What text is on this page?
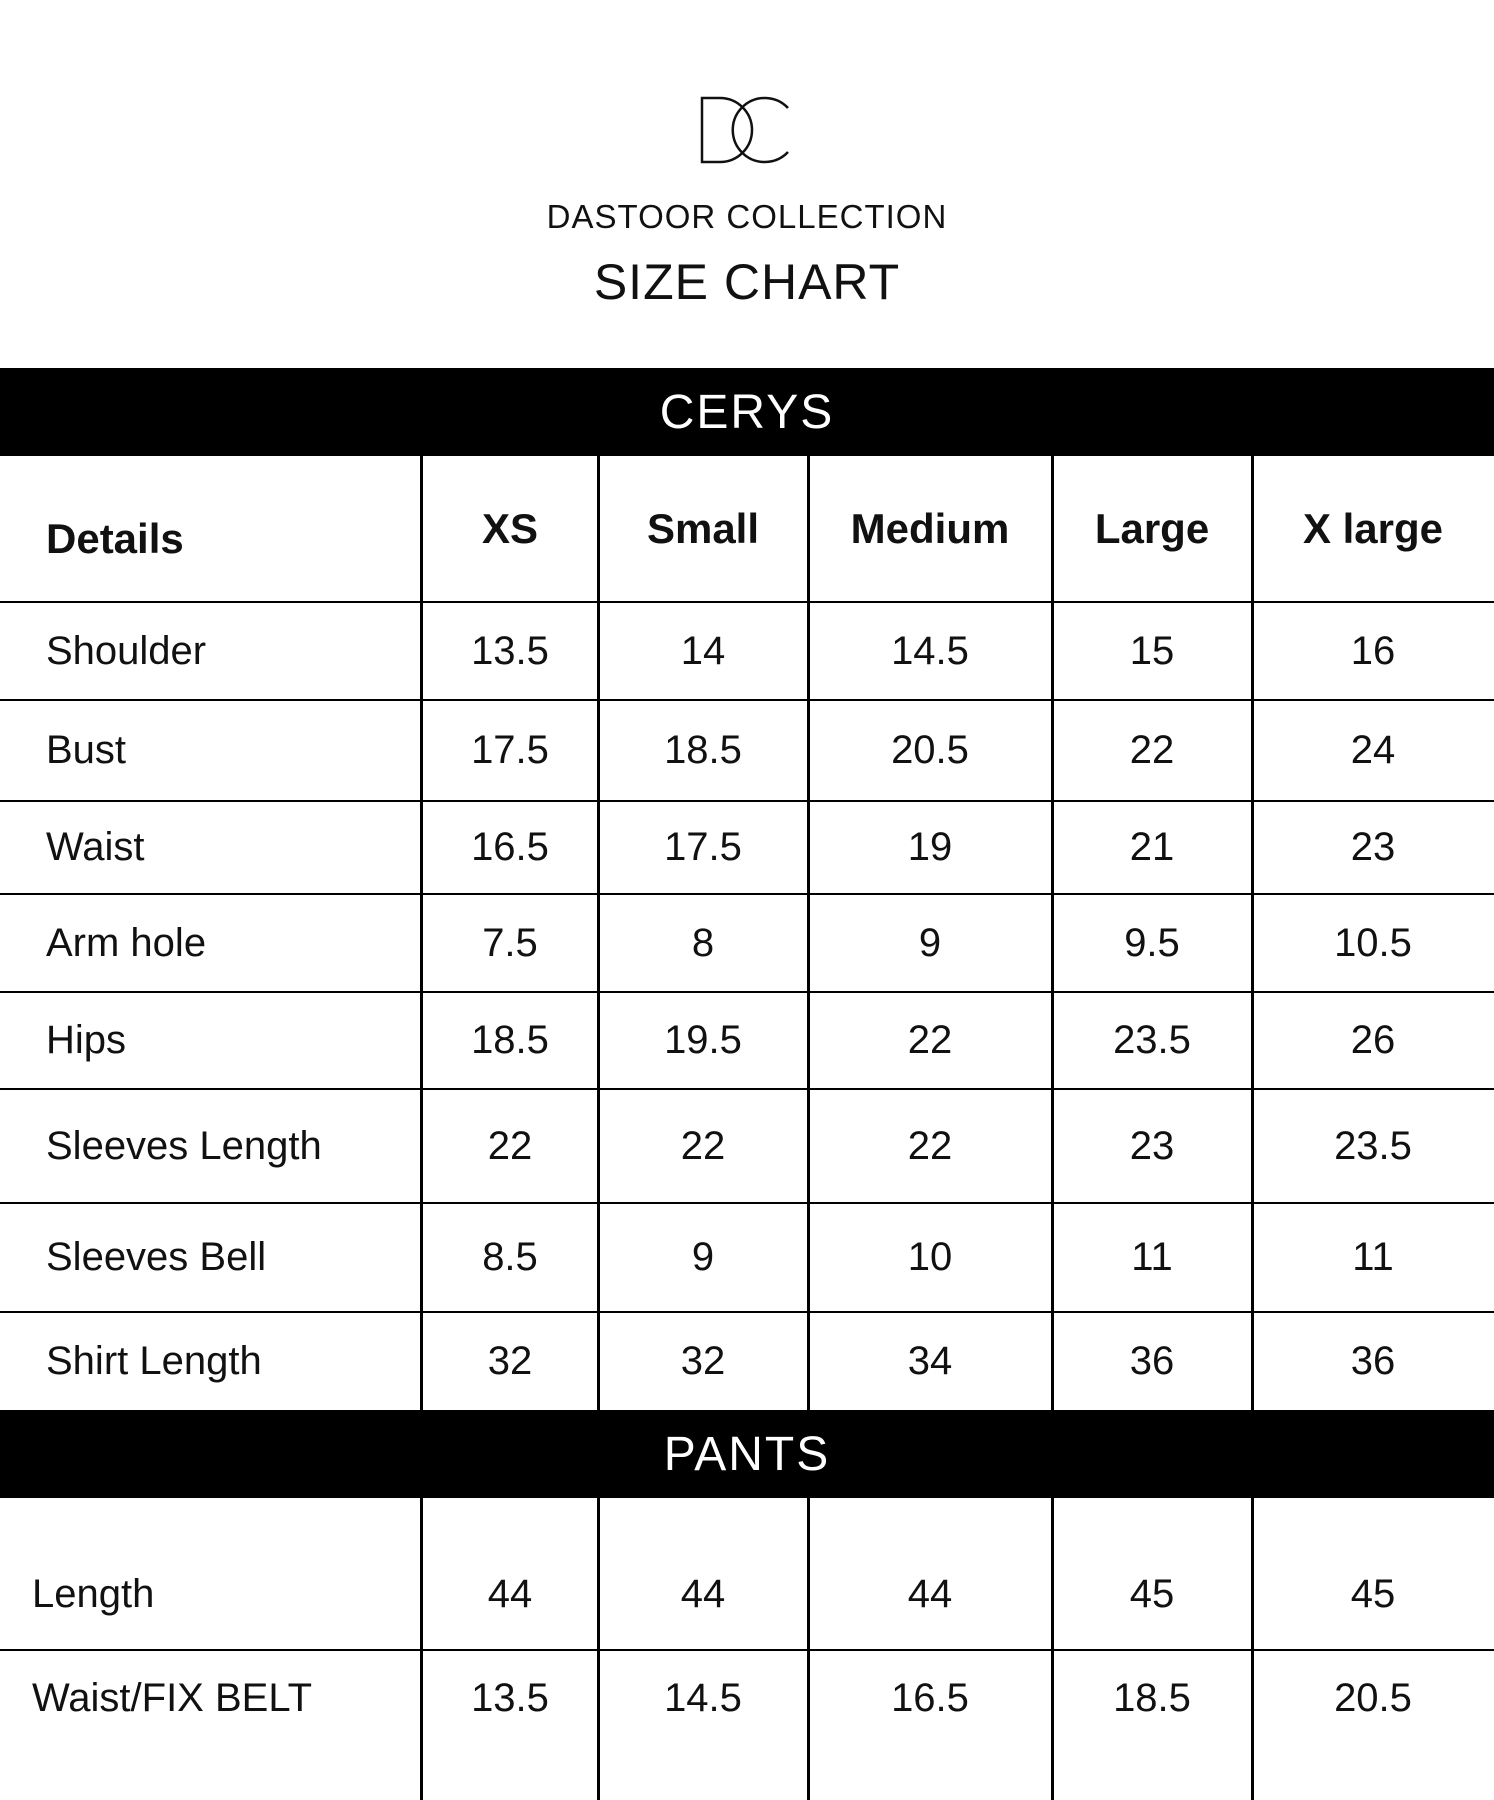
DASTOOR COLLECTION
SIZE CHART
CERYS
Details	XS	Small	Medium	Large	X large
Shoulder	13.5	14	14.5	15	16
Bust	17.5	18.5	20.5	22	24
Waist	16.5	17.5	19	21	23
Arm hole	7.5	8	9	9.5	10.5
Hips	18.5	19.5	22	23.5	26
Sleeves Length	22	22	22	23	23.5
Sleeves Bell	8.5	9	10	11	11
Shirt Length	32	32	34	36	36
PANTS
Length	44	44	44	45	45
Waist/FIX BELT	13.5	14.5	16.5	18.5	20.5
